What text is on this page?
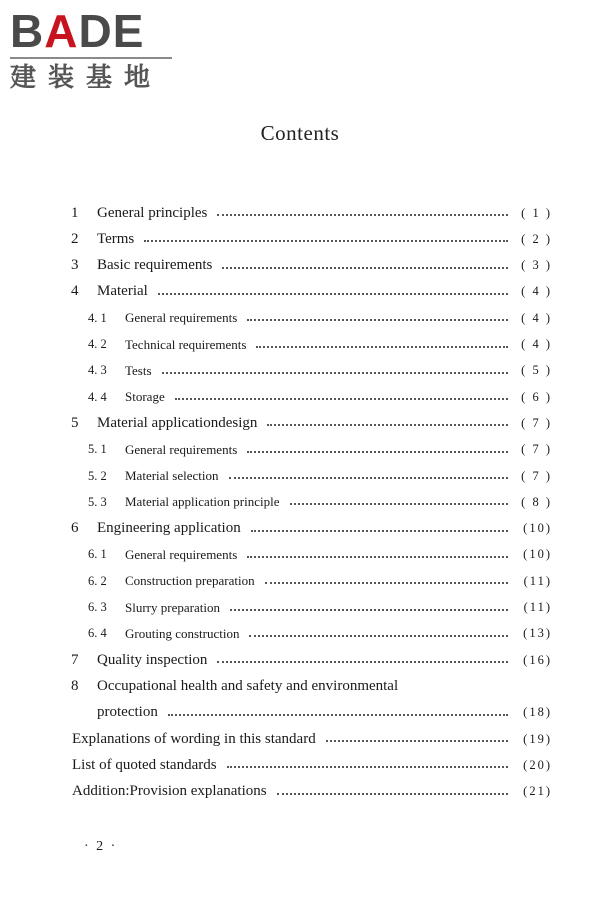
BADE
建装基地
Contents
1 General principles	( 1 )
2 Terms	( 2 )
3 Basic requirements	( 3 )
4 Material	( 4 )
4. 1 General requirements	( 4 )
4. 2 Technical requirements	( 4 )
4. 3 Tests	( 5 )
4. 4 Storage	( 6 )
5 Material applicationdesign	( 7 )
5. 1 General requirements	( 7 )
5. 2 Material selection	( 7 )
5. 3 Material application principle	( 8 )
6 Engineering application	(10)
6. 1 General requirements	(10)
6. 2 Construction preparation	(11)
6. 3 Slurry preparation	(11)
6. 4 Grouting construction	(13)
7 Quality inspection	(16)
8 Occupational health and safety and environmental
protection	(18)
Explanations of wording in this standard	(19)
List of quoted standards	(20)
Addition:Provision explanations	(21)
· 2 ·
